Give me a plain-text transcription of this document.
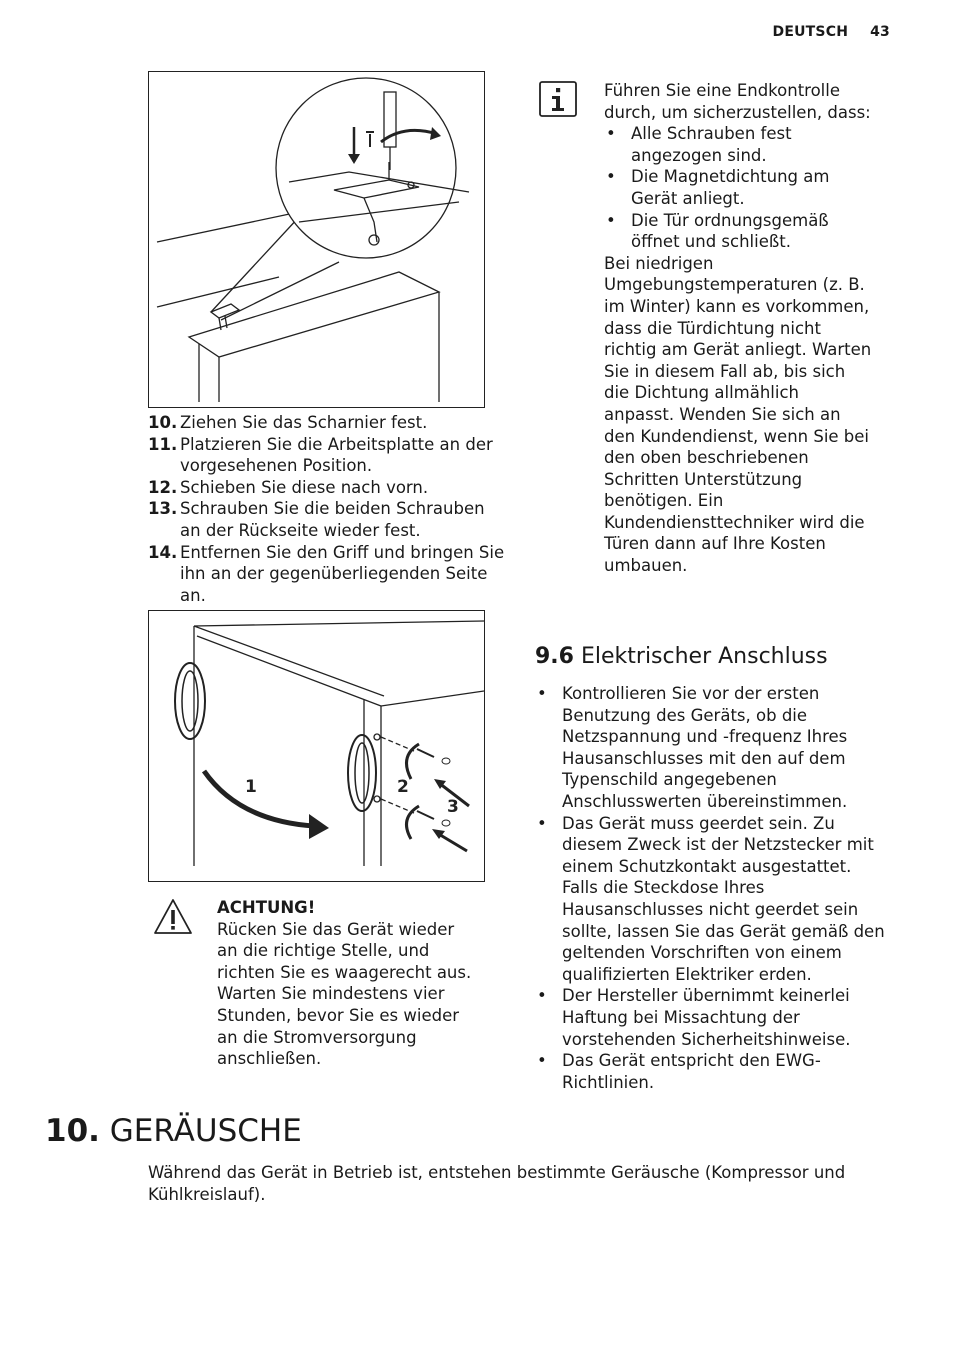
DEUTSCH 43
10. Ziehen Sie das Scharnier fest.
11. Platzieren Sie die Arbeitsplatte an der vorgesehenen Position.
12. Schieben Sie diese nach vorn.
13. Schrauben Sie die beiden Schrauben an der Rückseite wieder fest.
14. Entfernen Sie den Griff und bringen Sie ihn an der gegenüberliegenden Seite an.
1	2
3
ACHTUNG!
Rücken Sie das Gerät wieder an die richtige Stelle, und richten Sie es waagerecht aus. Warten Sie mindestens vier Stunden, bevor Sie es wieder an die Stromversorgung anschließen.
Führen Sie eine Endkontrolle durch, um sicherzustellen, dass:
• Alle Schrauben fest angezogen sind.
• Die Magnetdichtung am Gerät anliegt.
• Die Tür ordnungsgemäß öffnet und schließt.
Bei niedrigen Umgebungstemperaturen (z. B. im Winter) kann es vorkommen, dass die Türdichtung nicht richtig am Gerät anliegt. Warten Sie in diesem Fall ab, bis sich die Dichtung allmählich anpasst. Wenden Sie sich an den Kundendienst, wenn Sie bei den oben beschriebenen Schritten Unterstützung benötigen. Ein Kundendiensttechniker wird die Türen dann auf Ihre Kosten umbauen.
9.6 Elektrischer Anschluss
• Kontrollieren Sie vor der ersten Benutzung des Geräts, ob die Netzspannung und -frequenz Ihres Hausanschlusses mit den auf dem Typenschild angegebenen Anschlusswerten übereinstimmen.
• Das Gerät muss geerdet sein. Zu diesem Zweck ist der Netzstecker mit einem Schutzkontakt ausgestattet. Falls die Steckdose Ihres Hausanschlusses nicht geerdet sein sollte, lassen Sie das Gerät gemäß den geltenden Vorschriften von einem qualifizierten Elektriker erden.
• Der Hersteller übernimmt keinerlei Haftung bei Missachtung der vorstehenden Sicherheitshinweise.
• Das Gerät entspricht den EWG-Richtlinien.
10. GERÄUSCHE
Während das Gerät in Betrieb ist, entstehen bestimmte Geräusche (Kompressor und Kühlkreislauf).
